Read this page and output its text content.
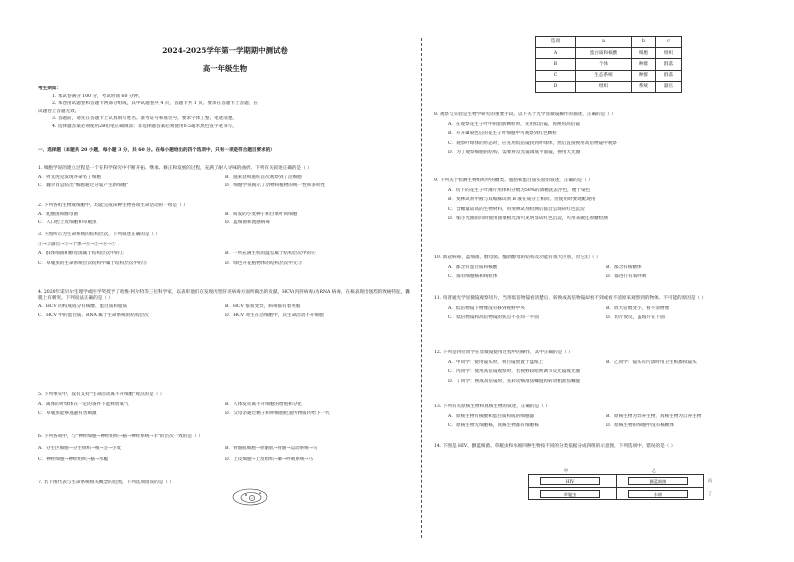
2024-2025学年第一学期期中测试卷
高一年级生物
考生须知：
1. 本试卷满分 100 分，考试时间 60 分钟。
2. 本卷由试题卷和答题卡两部分组成，其中试题卷共 4 页，答题卡共 1 页。要求在答题卡上答题，在
试题卷上答题无效。
3. 答题前，请先在答题卡上认真填写姓名、准考证号和座位号，要求字体工整、笔迹清楚。
4. 选择题答案必须使用2B铅笔正确填涂；非选择题答案必须使用0.5毫米黑色签字笔书写。
一、选择题（本题共 20 小题，每小题 3 分，共 60 分。在每小题给出的四个选项中，只有一项是符合题目要求的）
1. 细胞学说的建立过程是一个在科学探究中不断开拓、继承、修正和发展的过程，充满了耐人寻味的曲折。下列有关叙述正确的是（ ）
A．列文虎克发现并命名了细胞	B．施莱登和施旺首次观察到了活细胞
C．魏尔肖总结出"细胞通过分裂产生新细胞"	D．细胞学说揭示了动物和植物的统一性和多样性
2. 下列各组生物或细胞中，均能完成该种生物各项生命活动的一组是（ ）
A．乳酸菌和酵母菌	B．萌发的小麦种子和白菜叶肉细胞
C．人口腔上皮细胞和草履虫	D．蓝细菌和流感病毒
3. 下图所示为生命系统的结构层次，下列叙述正确的是（ ）
①→②器官→③→个体→④→⑤→⑥→⑦
A．群体细菌和酵母菌属于结构层次中的①	B．一所充满生机的温室属于结构层次中的⑥
C．草履虫的生命系统层次结构中属于结构层次中的⑤	D．绿色开花植物体的结构层次中无③
4. 2020年诺贝尔生理学或医学奖授予了哈维·阿尔特等三位科学家，以表彰他们在发现丙型肝炎病毒方面所做出的贡献。HCV(丙肝病毒)为RNA 病毒，在核表现出强烈的致癌特征，囊膜上有刺突。下列说法正确的是（ ）
A．HCV 的构成成分有核酸、蛋白质和脂质	B．HCV 很易变异，病毒都有着荚膜
C．HCV 中的蛋白质、RNA 属于生命系统的结构层次	D．HCV 寄生在活细胞中，其生命活动不开细胞
5. 下列事实中，没有支持"生命活动离不开细胞"观点的是（ ）
A．离体的叶绿体在一定的条件下能释放氧气	B．人体发育离不开细胞的增殖和分化
C．草履虫能够逃避有害刺激	D．父母亲通过精子和卵细胞把遗传物质传给下一代
6. 下列各项中，与"神经细胞→神经组织→脑→神经系统→羊"的层次一致的是（ ）
A．分生区细胞→分生组织→根→茎→小麦	B．骨骼肌细胞→骨骼肌→骨骼→运动系统→马
C．神经细胞→神经组织→脑→水螅	D．上皮细胞→上皮组织→肺→呼吸系统→马
7. 若下图代表与生命系统相关概念的范围，下列选项错误的是（ ）
a
b
c
选项	a	b	c
A	蛋白质和核酸	细胞	组织
B	个体	种群	群落
C	生态系统	种群	群落
D	组织	系统	器官
8. 观察与实验是生物学研究的重要手段。以下关于光学显微镜操作的描述，正确的是（ ）
A．在观察花生子叶中的脂肪颗粒时，先用低倍镜，再换用高倍镜
B．开开Ⅲ染色后的花生子叶细胞中可观察到红色颗粒
C．观察叶绿体的形态时，应先用低倍镜找到叶绿体，然后直接换用高倍物镜中观察
D．为了观察细胞的结构，需要将反光镜调成平面镜，换用大光圈
9. 下列关于检测生物组织中的糖类、脂肪和蛋白质实验的叙述，正确的是（ ）
A．切下的花生子叶薄片用体积分数为50%的酒精洗去浮色，便于染色
B．斐林试剂甲液与双缩脲试剂 B 液在成分上相同，但使用时要现配现用
C．含糖量较高的生物材料，用斐林试剂检测后都会呈现砖红色沉淀
D．缩小光圈的同时使用甜菜根光滑可见明显砖红色沉淀，可用来做还原糖检测
10. 新冠病毒、蓝细菌、酵母菌、酿酒酵母的结构及功能有很大区别，但它们（ ）
A．都含有蛋白质和核酸	B．都含有核糖体
C．都有细胞核和线粒体	D．都进行有氧呼吸
11. 用普通光学显微镜观察切片，当用低倍物镜看清楚后，转换成高倍物镜却看不到或看不清原来观察到的物体。不可能的原因是（ ）
A．低倍物镜下物像没有移到视野中央	B．放大倍数变小，看不清物像
C．低倍物镜和高倍物镜的焦点不在同一平面	D．切片放反，盖玻片在下面
12. 下列是四位同学在显微镜使用过程中的操作，其中正确的是（ ）
A．甲同学：使用镜头时，将目镜放置于盘纸上	B．乙同学：镜头有污渍时用卫生纸擦拭镜头
C．丙同学：使用高倍镜观察时，若视野较暗则调节反光镜或光圈
D．丁同学：换成高倍镜时，先转动细准焦螺旋再转动粗准焦螺旋
13. 下列有关原核生物和真核生物的叙述，正确的是（ ）
A．原核生物有核酸和蛋白质构成的细胞器	B．原核生物为异养生物，真核生物为自养生物
C．原核生物无细胞核，真核生物都有细胞核	D．原核生物的细胞中没有核糖体
14. 下图是 HIV、颤蓝细菌、草履虫和水绵四种生物按不同的分类依据分成四组的示意图，下列选项中，错误的是（ ）
甲	乙
HIV	颤蓝细菌
草履虫	水绵
丙
丁
